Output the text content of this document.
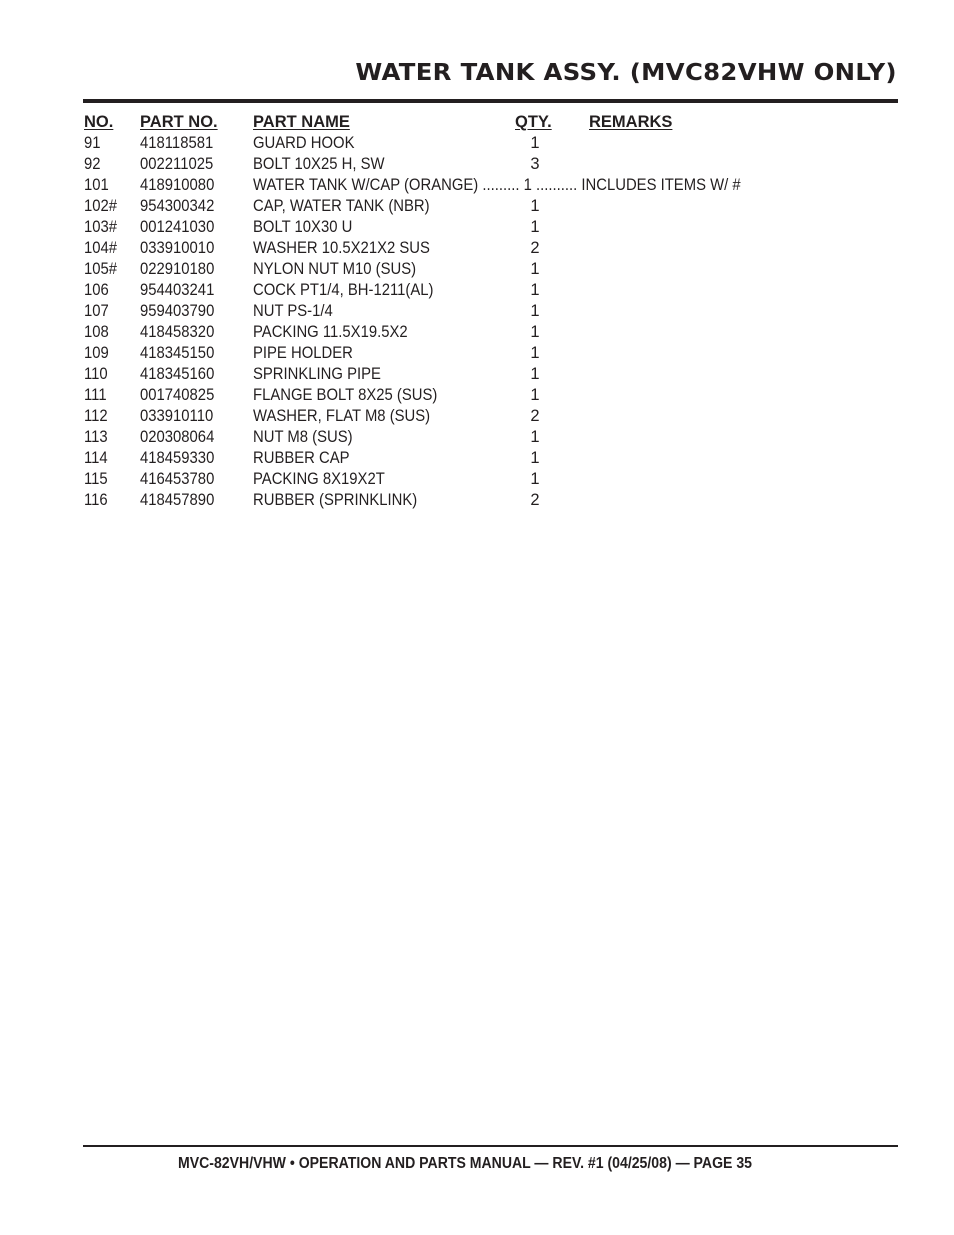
WATER TANK ASSY. (MVC82VHW ONLY)
NO. PART NO. PART NAME	QTY. REMARKS
91 418118581 GUARD HOOK	1
92 002211025 BOLT 10X25 H, SW	3
101 418910080 WATER TANK W/CAP (ORANGE) ......... 1 .......... INCLUDES ITEMS W/ #
102# 954300342 CAP, WATER TANK (NBR)	1
103# 001241030 BOLT 10X30 U	1
104# 033910010 WASHER 10.5X21X2 SUS	2
105# 022910180 NYLON NUT M10 (SUS)	1
106 954403241 COCK PT1/4, BH-1211(AL)	1
107 959403790 NUT PS-1/4	1
108 418458320 PACKING 11.5X19.5X2	1
109 418345150 PIPE HOLDER	1
110 418345160 SPRINKLING PIPE	1
111 001740825 FLANGE BOLT 8X25 (SUS)	1
112 033910110 WASHER, FLAT M8 (SUS)	2
113 020308064 NUT M8 (SUS)	1
114 418459330 RUBBER CAP	1
115 416453780 PACKING 8X19X2T	1
116 418457890 RUBBER (SPRINKLINK)	2
MVC-82VH/VHW • OPERATION AND PARTS MANUAL — REV. #1 (04/25/08) — PAGE 35
